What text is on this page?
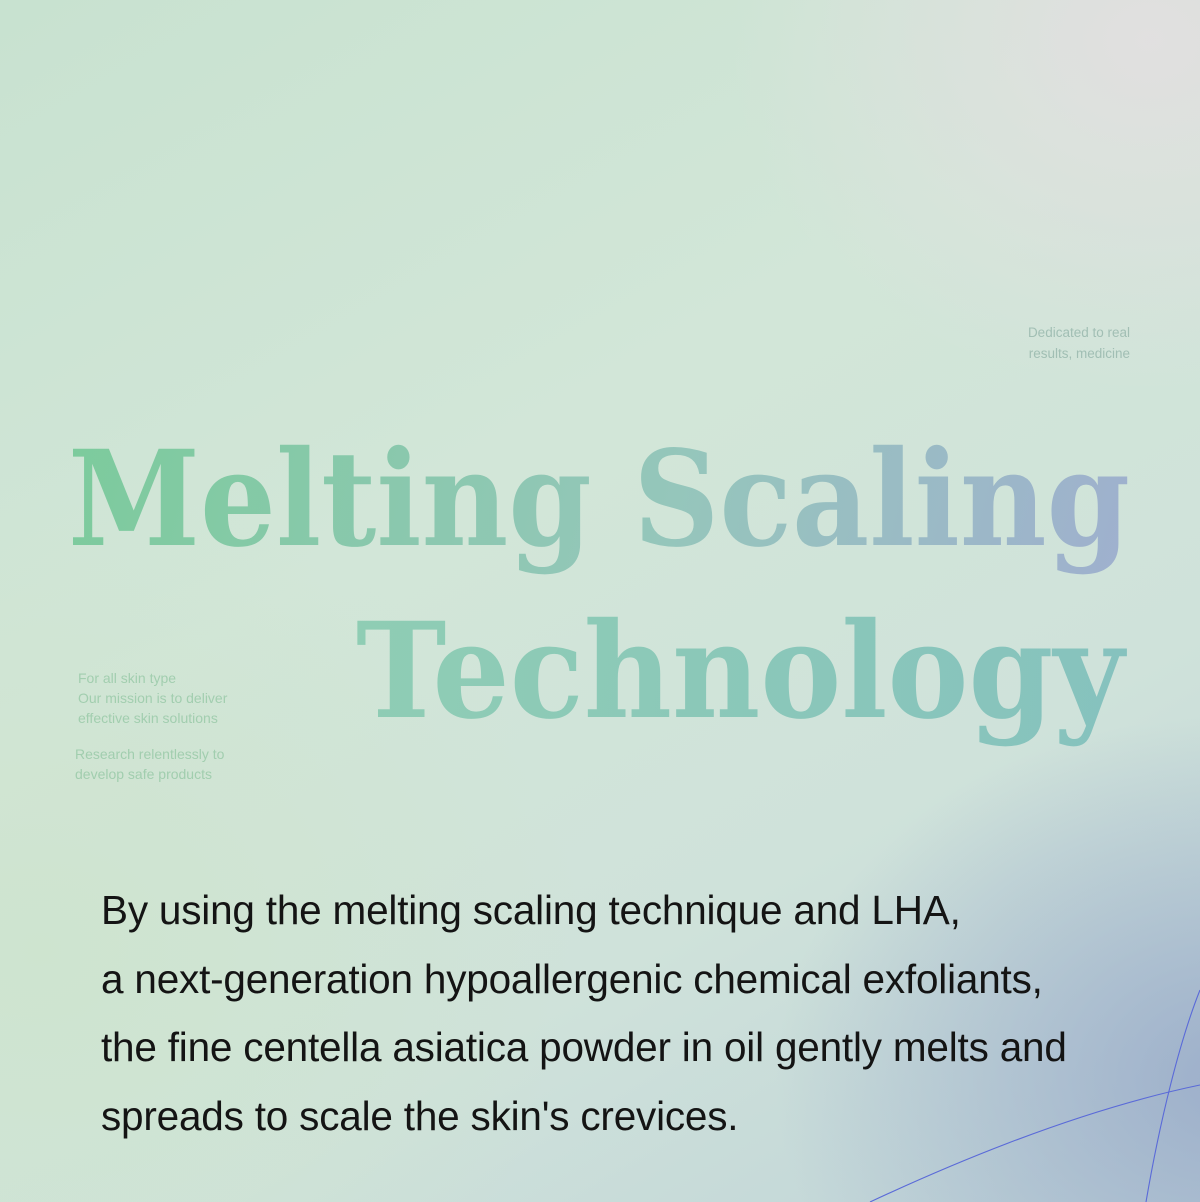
Dedicated to real
results, medicine
Melting Scaling
Technology
For all skin type
Our mission is to deliver
effective skin solutions
Research relentlessly to
develop safe products
By using the melting scaling technique and LHA,
a next-generation hypoallergenic chemical exfoliants,
the fine centella asiatica powder in oil gently melts and
spreads to scale the skin's crevices.
